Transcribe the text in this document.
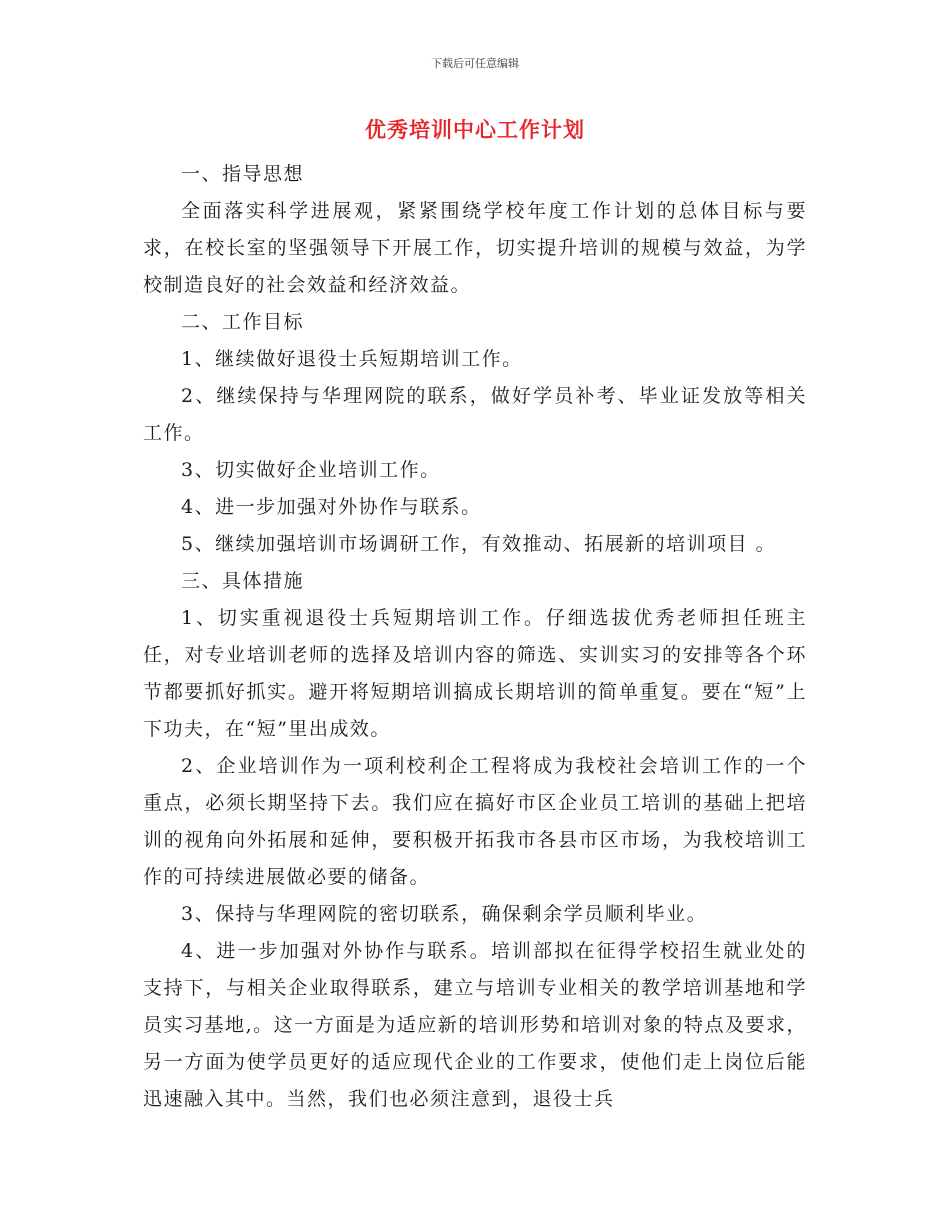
下载后可任意编辑
优秀培训中心工作计划

一、指导思想

全面落实科学进展观，紧紧围绕学校年度工作计划的总体目标与要求，在校长室的坚强领导下开展工作，切实提升培训的规模与效益，为学校制造良好的社会效益和经济效益。

二、工作目标

1、继续做好退役士兵短期培训工作。

2、继续保持与华理网院的联系，做好学员补考、毕业证发放等相关工作。

3、切实做好企业培训工作。

4、进一步加强对外协作与联系。

5、继续加强培训市场调研工作，有效推动、拓展新的培训项目 。

三、具体措施

1、切实重视退役士兵短期培训工作。仔细选拔优秀老师担任班主任，对专业培训老师的选择及培训内容的筛选、实训实习的安排等各个环节都要抓好抓实。避开将短期培训搞成长期培训的简单重复。要在“短”上下功夫，在“短”里出成效。

2、企业培训作为一项利校利企工程将成为我校社会培训工作的一个重点，必须长期坚持下去。我们应在搞好市区企业员工培训的基础上把培训的视角向外拓展和延伸，要积极开拓我市各县市区市场，为我校培训工作的可持续进展做必要的储备。

3、保持与华理网院的密切联系，确保剩余学员顺利毕业。

4、进一步加强对外协作与联系。培训部拟在征得学校招生就业处的支持下，与相关企业取得联系，建立与培训专业相关的教学培训基地和学员实习基地,。这一方面是为适应新的培训形势和培训对象的特点及要求，另一方面为使学员更好的适应现代企业的工作要求，使他们走上岗位后能迅速融入其中。当然，我们也必须注意到，退役士兵
